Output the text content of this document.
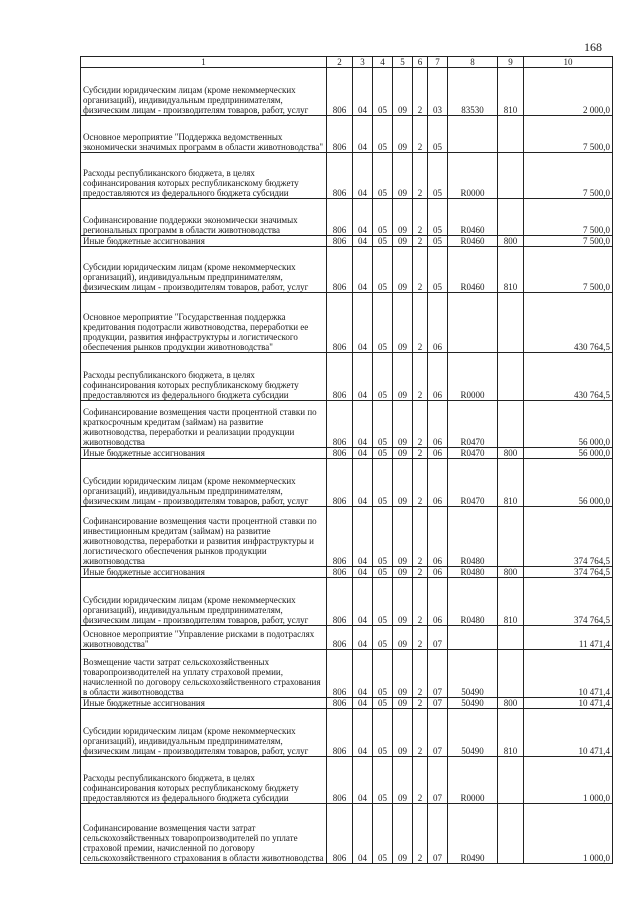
168
1	2	3	4	5	6	7	8	9	10
Субсидии юридическим лицам (кроме некоммерческих организаций), индивидуальным предпринимателям, физическим лицам - производителям товаров, работ, услуг	806	04	05	09	2	03	83530	810	2 000,0
Основное мероприятие "Поддержка ведомственных экономически значимых программ в области животноводства"	806	04	05	09	2	05			7 500,0
Расходы республиканского бюджета, в целях софинансирования которых республиканскому бюджету предоставляются из федерального бюджета субсидии	806	04	05	09	2	05	R0000		7 500,0
Софинансирование поддержки экономически значимых региональных программ в области животноводства	806	04	05	09	2	05	R0460		7 500,0
Иные бюджетные ассигнования	806	04	05	09	2	05	R0460	800	7 500,0
Субсидии юридическим лицам (кроме некоммерческих организаций), индивидуальным предпринимателям, физическим лицам - производителям товаров, работ, услуг	806	04	05	09	2	05	R0460	810	7 500,0
Основное мероприятие "Государственная поддержка кредитования подотрасли животноводства, переработки ее продукции, развития инфраструктуры и логистического обеспечения рынков продукции животноводства"	806	04	05	09	2	06			430 764,5
Расходы республиканского бюджета, в целях софинансирования которых республиканскому бюджету предоставляются из федерального бюджета субсидии	806	04	05	09	2	06	R0000		430 764,5
Софинансирование возмещения части процентной ставки по краткосрочным кредитам (займам) на развитие животноводства, переработки и реализации продукции животноводства	806	04	05	09	2	06	R0470		56 000,0
Иные бюджетные ассигнования	806	04	05	09	2	06	R0470	800	56 000,0
Субсидии юридическим лицам (кроме некоммерческих организаций), индивидуальным предпринимателям, физическим лицам - производителям товаров, работ, услуг	806	04	05	09	2	06	R0470	810	56 000,0
Софинансирование возмещения части процентной ставки по инвестиционным кредитам (займам) на развитие животноводства, переработки и развития инфраструктуры и логистического обеспечения рынков продукции животноводства	806	04	05	09	2	06	R0480		374 764,5
Иные бюджетные ассигнования	806	04	05	09	2	06	R0480	800	374 764,5
Субсидии юридическим лицам (кроме некоммерческих организаций), индивидуальным предпринимателям, физическим лицам - производителям товаров, работ, услуг	806	04	05	09	2	06	R0480	810	374 764,5
Основное мероприятие "Управление рисками в подотраслях животноводства"	806	04	05	09	2	07			11 471,4
Возмещение части затрат сельскохозяйственных товаропроизводителей на уплату страховой премии, начисленной по договору сельскохозяйственного страхования в области животноводства	806	04	05	09	2	07	50490		10 471,4
Иные бюджетные ассигнования	806	04	05	09	2	07	50490	800	10 471,4
Субсидии юридическим лицам (кроме некоммерческих организаций), индивидуальным предпринимателям, физическим лицам - производителям товаров, работ, услуг	806	04	05	09	2	07	50490	810	10 471,4
Расходы республиканского бюджета, в целях софинансирования которых республиканскому бюджету предоставляются из федерального бюджета субсидии	806	04	05	09	2	07	R0000		1 000,0
Софинансирование возмещения части затрат сельскохозяйственных товаропроизводителей по уплате страховой премии, начисленной по договору сельскохозяйственного страхования в области животноводства	806	04	05	09	2	07	R0490		1 000,0
